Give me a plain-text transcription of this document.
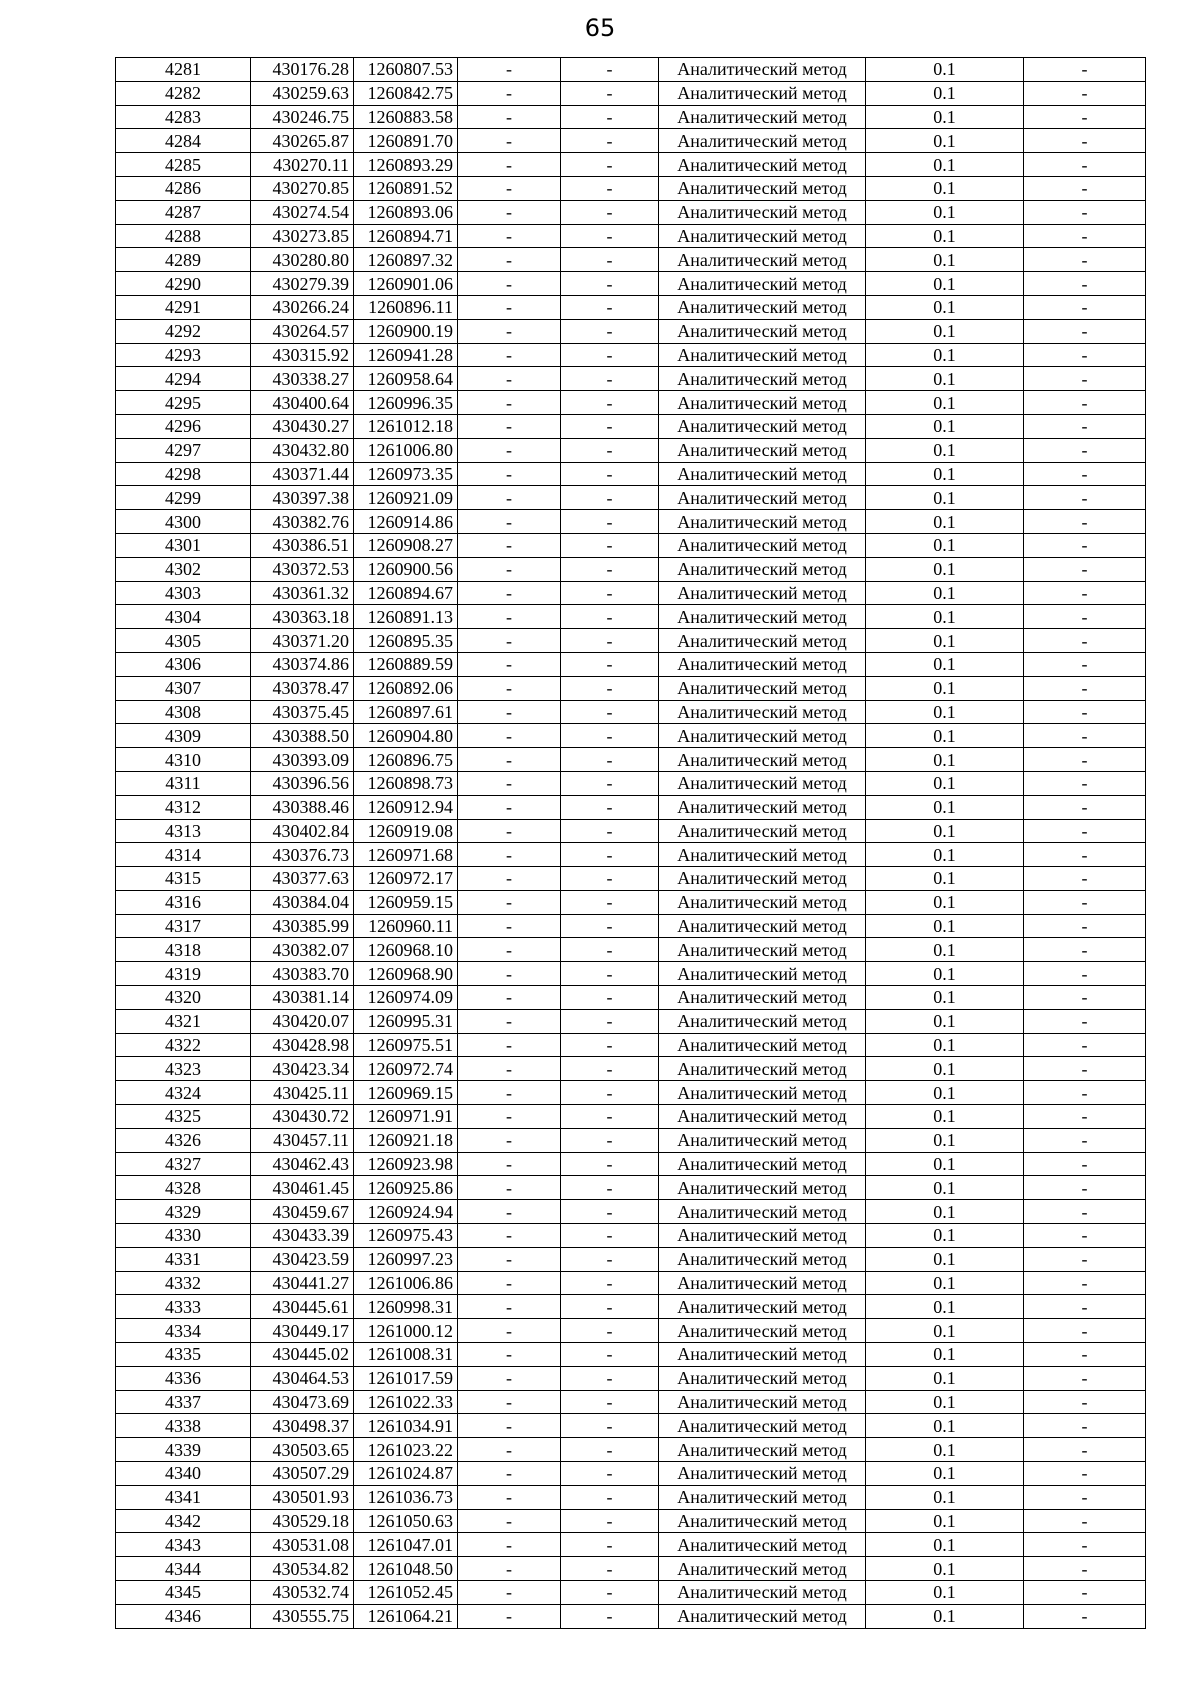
65
4281	430176.28	1260807.53	-	-	Аналитический метод	0.1	-
4282	430259.63	1260842.75	-	-	Аналитический метод	0.1	-
4283	430246.75	1260883.58	-	-	Аналитический метод	0.1	-
4284	430265.87	1260891.70	-	-	Аналитический метод	0.1	-
4285	430270.11	1260893.29	-	-	Аналитический метод	0.1	-
4286	430270.85	1260891.52	-	-	Аналитический метод	0.1	-
4287	430274.54	1260893.06	-	-	Аналитический метод	0.1	-
4288	430273.85	1260894.71	-	-	Аналитический метод	0.1	-
4289	430280.80	1260897.32	-	-	Аналитический метод	0.1	-
4290	430279.39	1260901.06	-	-	Аналитический метод	0.1	-
4291	430266.24	1260896.11	-	-	Аналитический метод	0.1	-
4292	430264.57	1260900.19	-	-	Аналитический метод	0.1	-
4293	430315.92	1260941.28	-	-	Аналитический метод	0.1	-
4294	430338.27	1260958.64	-	-	Аналитический метод	0.1	-
4295	430400.64	1260996.35	-	-	Аналитический метод	0.1	-
4296	430430.27	1261012.18	-	-	Аналитический метод	0.1	-
4297	430432.80	1261006.80	-	-	Аналитический метод	0.1	-
4298	430371.44	1260973.35	-	-	Аналитический метод	0.1	-
4299	430397.38	1260921.09	-	-	Аналитический метод	0.1	-
4300	430382.76	1260914.86	-	-	Аналитический метод	0.1	-
4301	430386.51	1260908.27	-	-	Аналитический метод	0.1	-
4302	430372.53	1260900.56	-	-	Аналитический метод	0.1	-
4303	430361.32	1260894.67	-	-	Аналитический метод	0.1	-
4304	430363.18	1260891.13	-	-	Аналитический метод	0.1	-
4305	430371.20	1260895.35	-	-	Аналитический метод	0.1	-
4306	430374.86	1260889.59	-	-	Аналитический метод	0.1	-
4307	430378.47	1260892.06	-	-	Аналитический метод	0.1	-
4308	430375.45	1260897.61	-	-	Аналитический метод	0.1	-
4309	430388.50	1260904.80	-	-	Аналитический метод	0.1	-
4310	430393.09	1260896.75	-	-	Аналитический метод	0.1	-
4311	430396.56	1260898.73	-	-	Аналитический метод	0.1	-
4312	430388.46	1260912.94	-	-	Аналитический метод	0.1	-
4313	430402.84	1260919.08	-	-	Аналитический метод	0.1	-
4314	430376.73	1260971.68	-	-	Аналитический метод	0.1	-
4315	430377.63	1260972.17	-	-	Аналитический метод	0.1	-
4316	430384.04	1260959.15	-	-	Аналитический метод	0.1	-
4317	430385.99	1260960.11	-	-	Аналитический метод	0.1	-
4318	430382.07	1260968.10	-	-	Аналитический метод	0.1	-
4319	430383.70	1260968.90	-	-	Аналитический метод	0.1	-
4320	430381.14	1260974.09	-	-	Аналитический метод	0.1	-
4321	430420.07	1260995.31	-	-	Аналитический метод	0.1	-
4322	430428.98	1260975.51	-	-	Аналитический метод	0.1	-
4323	430423.34	1260972.74	-	-	Аналитический метод	0.1	-
4324	430425.11	1260969.15	-	-	Аналитический метод	0.1	-
4325	430430.72	1260971.91	-	-	Аналитический метод	0.1	-
4326	430457.11	1260921.18	-	-	Аналитический метод	0.1	-
4327	430462.43	1260923.98	-	-	Аналитический метод	0.1	-
4328	430461.45	1260925.86	-	-	Аналитический метод	0.1	-
4329	430459.67	1260924.94	-	-	Аналитический метод	0.1	-
4330	430433.39	1260975.43	-	-	Аналитический метод	0.1	-
4331	430423.59	1260997.23	-	-	Аналитический метод	0.1	-
4332	430441.27	1261006.86	-	-	Аналитический метод	0.1	-
4333	430445.61	1260998.31	-	-	Аналитический метод	0.1	-
4334	430449.17	1261000.12	-	-	Аналитический метод	0.1	-
4335	430445.02	1261008.31	-	-	Аналитический метод	0.1	-
4336	430464.53	1261017.59	-	-	Аналитический метод	0.1	-
4337	430473.69	1261022.33	-	-	Аналитический метод	0.1	-
4338	430498.37	1261034.91	-	-	Аналитический метод	0.1	-
4339	430503.65	1261023.22	-	-	Аналитический метод	0.1	-
4340	430507.29	1261024.87	-	-	Аналитический метод	0.1	-
4341	430501.93	1261036.73	-	-	Аналитический метод	0.1	-
4342	430529.18	1261050.63	-	-	Аналитический метод	0.1	-
4343	430531.08	1261047.01	-	-	Аналитический метод	0.1	-
4344	430534.82	1261048.50	-	-	Аналитический метод	0.1	-
4345	430532.74	1261052.45	-	-	Аналитический метод	0.1	-
4346	430555.75	1261064.21	-	-	Аналитический метод	0.1	-
